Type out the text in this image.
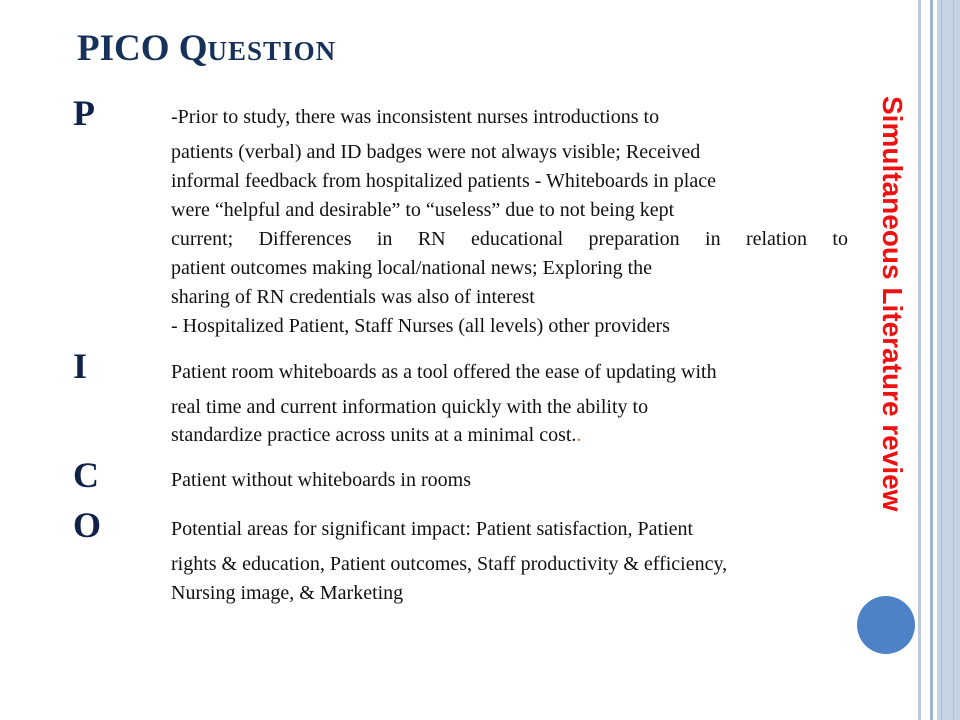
PICO QUESTION
Simultaneous Literature review
P	-Prior to study, there was inconsistent nurses introductions to
patients (verbal) and ID badges were not always visible; Received
informal feedback from hospitalized patients - Whiteboards in place
were “helpful and desirable” to “useless” due to not being kept
current; Differences in RN educational preparation in relation to
patient outcomes making local/national news; Exploring the
sharing of RN credentials was also of interest
- Hospitalized Patient, Staff Nurses (all levels) other providers
I	Patient room whiteboards as a tool offered the ease of updating with
real time and current information quickly with the ability to
standardize practice across units at a minimal cost..
C	Patient without whiteboards in rooms
O	Potential areas for significant impact: Patient satisfaction, Patient
rights & education, Patient outcomes, Staff productivity & efficiency,
Nursing image, & Marketing
